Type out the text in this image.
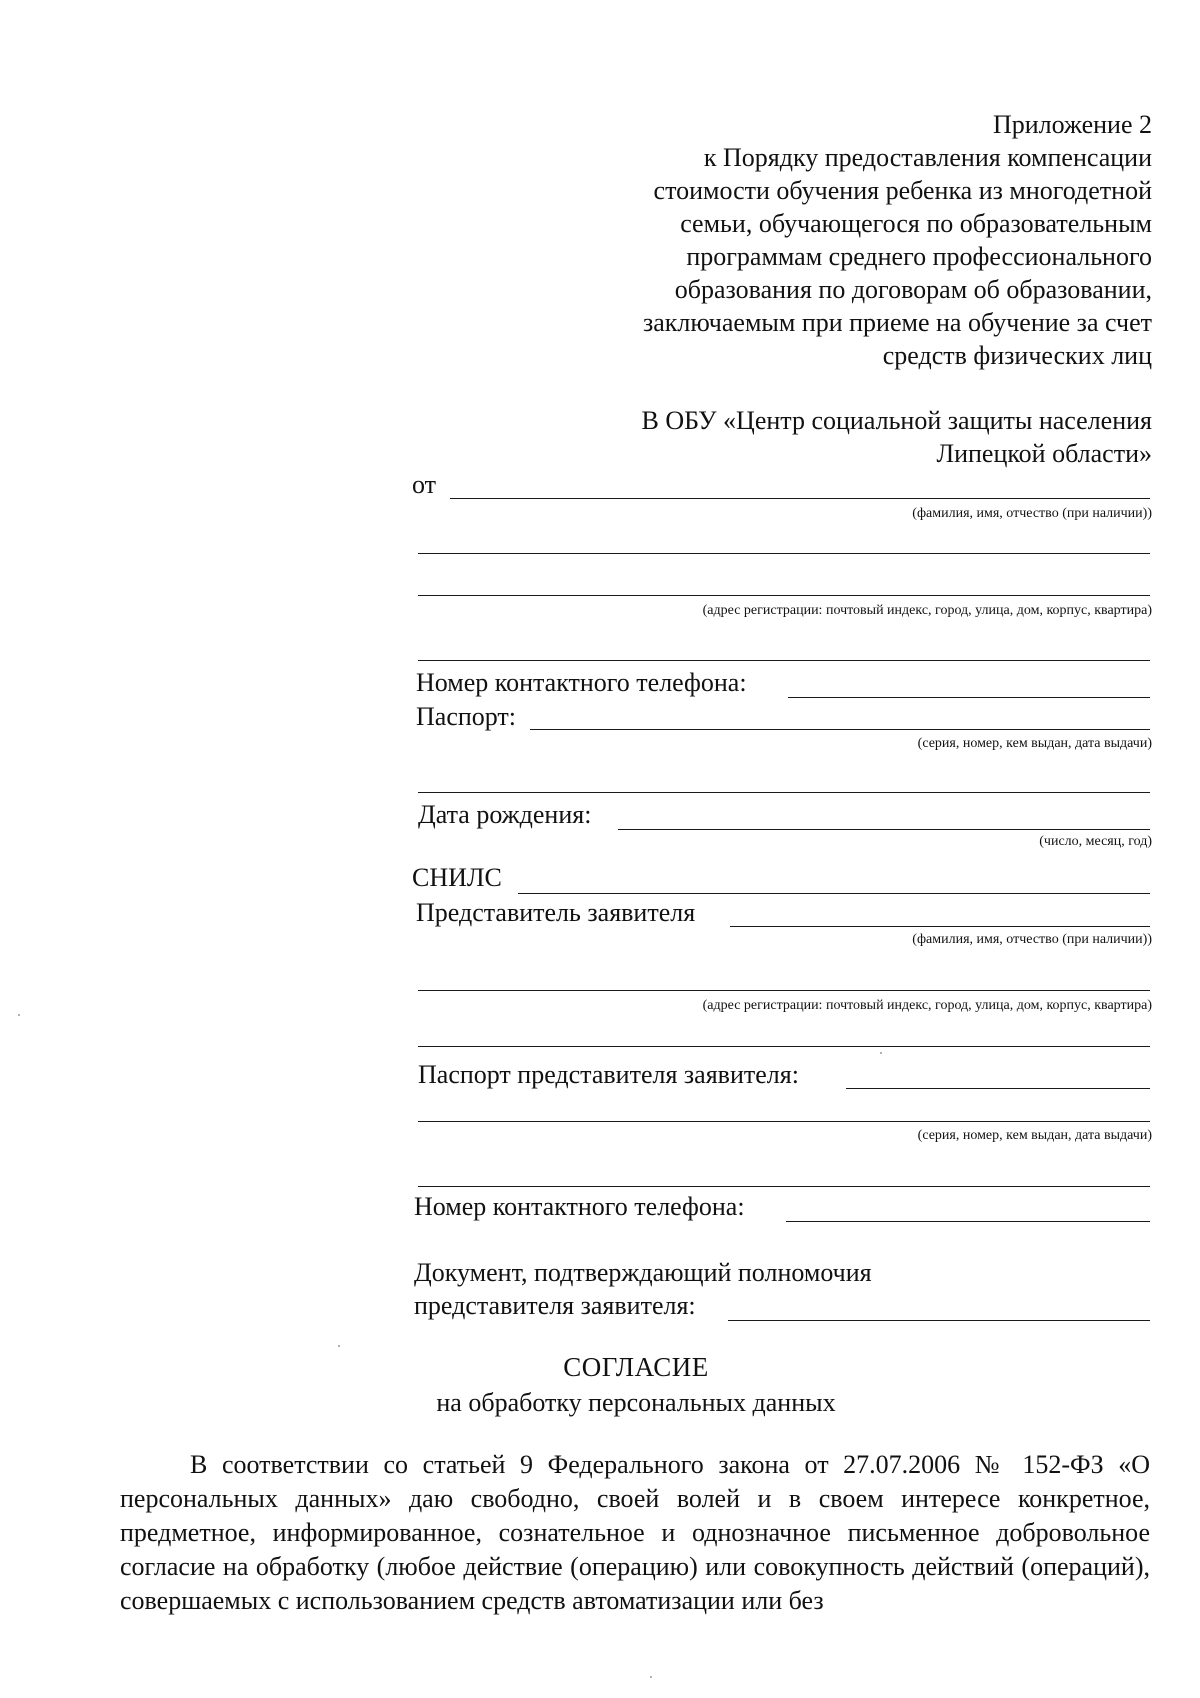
Приложение 2
к Порядку предоставления компенсации
стоимости обучения ребенка из многодетной
семьи, обучающегося по образовательным
программам среднего профессионального
образования по договорам об образовании,
заключаемым при приеме на обучение за счет
средств физических лиц
В ОБУ «Центр социальной защиты населения
Липецкой области»
от
(фамилия, имя, отчество (при наличии))
(адрес регистрации: почтовый индекс, город, улица, дом, корпус, квартира)
Номер контактного телефона:
Паспорт:
(серия, номер, кем выдан, дата выдачи)
Дата рождения:
(число, месяц, год)
СНИЛС
Представитель заявителя
(фамилия, имя, отчество (при наличии))
(адрес регистрации: почтовый индекс, город, улица, дом, корпус, квартира)
Паспорт представителя заявителя:
(серия, номер, кем выдан, дата выдачи)
Номер контактного телефона:
Документ, подтверждающий полномочия
представителя заявителя:
СОГЛАСИЕ
на обработку персональных данных
В соответствии со статьей 9 Федерального закона от 27.07.2006 № 152-ФЗ «О персональных данных» даю свободно, своей волей и в своем интересе конкретное, предметное, информированное, сознательное и однозначное письменное добровольное согласие на обработку (любое действие (операцию) или совокупность действий (операций), совершаемых с использованием средств автоматизации или без
